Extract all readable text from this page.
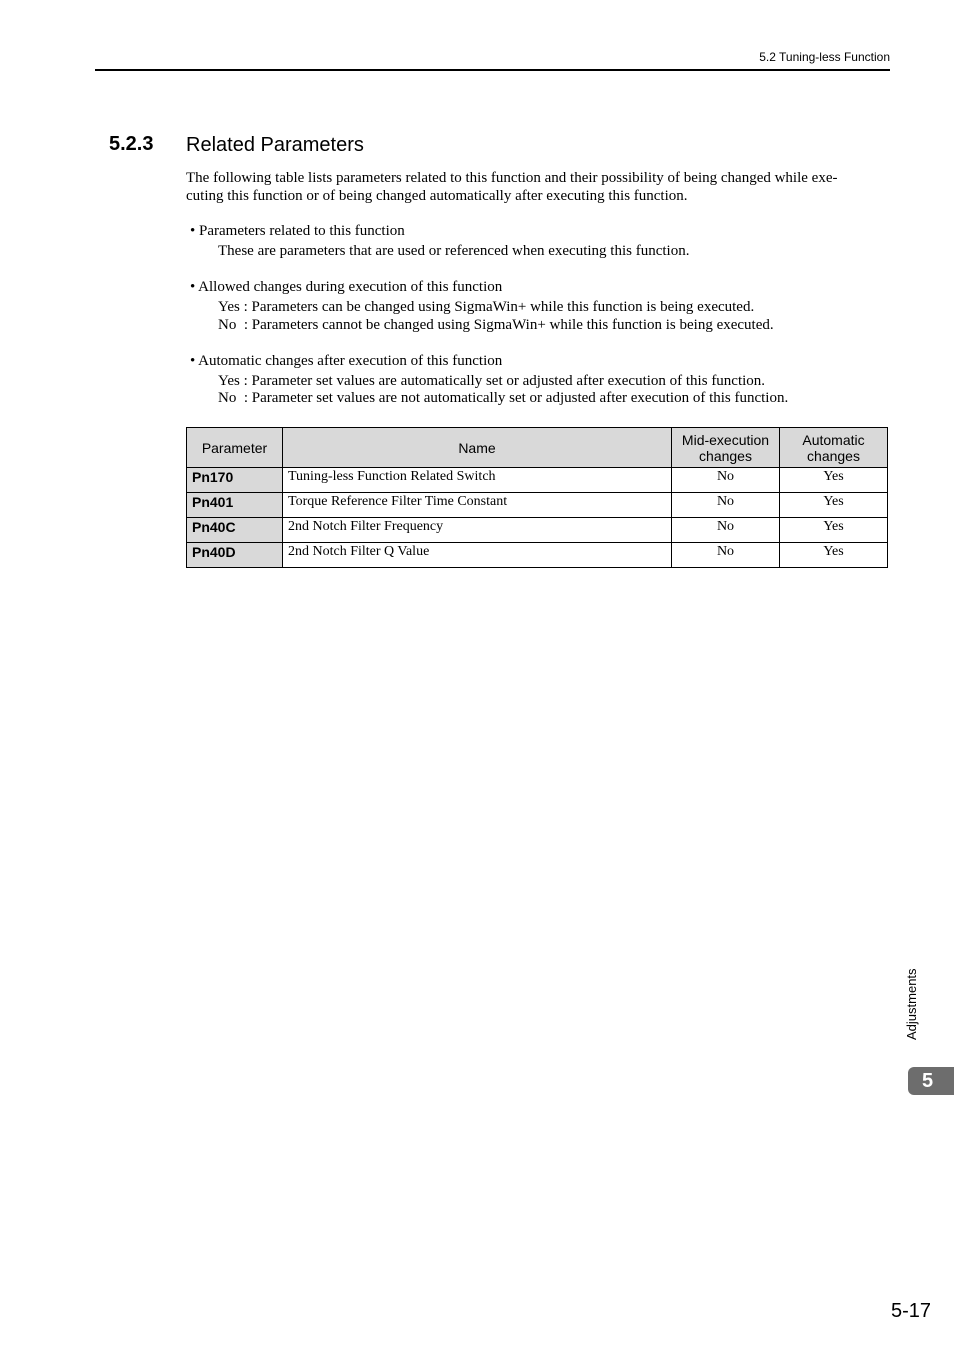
5.2 Tuning-less Function
5.2.3 Related Parameters
The following table lists parameters related to this function and their possibility of being changed while exe-
cuting this function or of being changed automatically after executing this function.
• Parameters related to this function
These are parameters that are used or referenced when executing this function.
• Allowed changes during execution of this function
Yes : Parameters can be changed using SigmaWin+ while this function is being executed.
No  : Parameters cannot be changed using SigmaWin+ while this function is being executed.
• Automatic changes after execution of this function
Yes : Parameter set values are automatically set or adjusted after execution of this function.
No  : Parameter set values are not automatically set or adjusted after execution of this function.
Parameter	Name	Mid-execution changes	Automatic changes
Pn170	Tuning-less Function Related Switch	No	Yes
Pn401	Torque Reference Filter Time Constant	No	Yes
Pn40C	2nd Notch Filter Frequency	No	Yes
Pn40D	2nd Notch Filter Q Value	No	Yes
Adjustments
5
5-17
